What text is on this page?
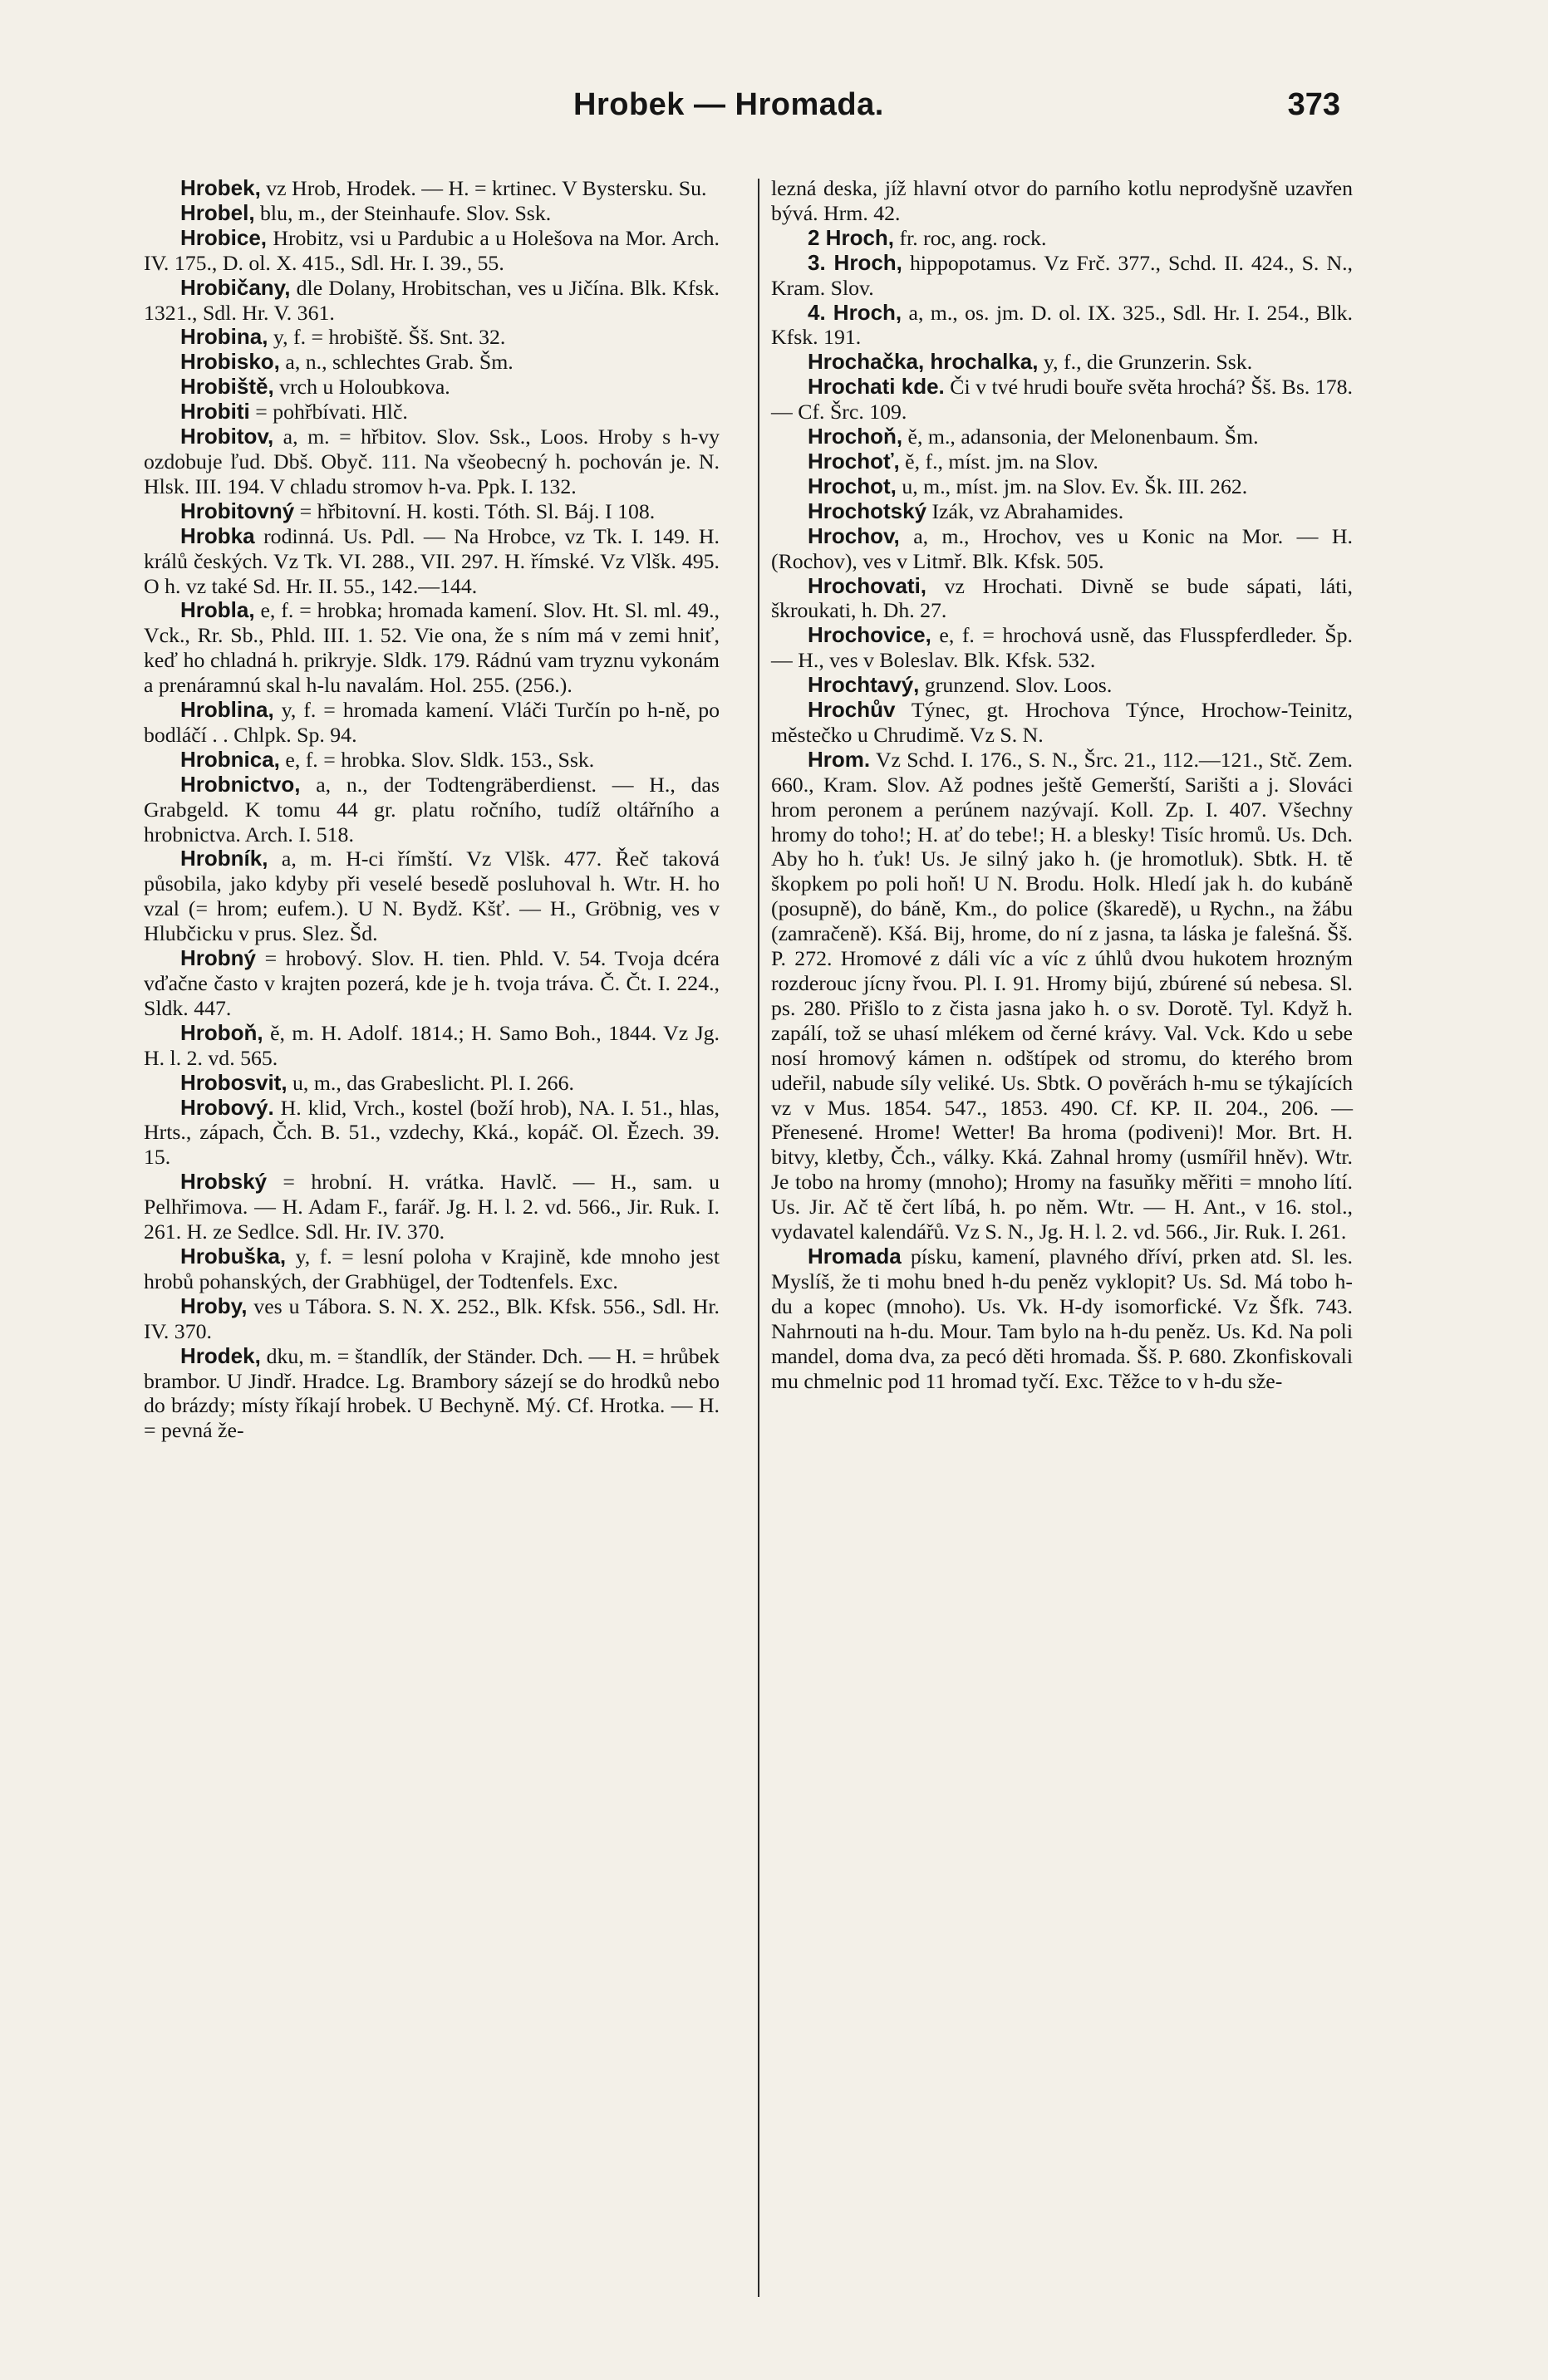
Hrobek — Hromada.	373

Hrobek, vz Hrob, Hrodek. — H. = krtinec. V Bystersku. Su.

Hrobel, blu, m., der Steinhaufe. Slov. Ssk.

Hrobice, Hrobitz, vsi u Pardubic a u Holešova na Mor. Arch. IV. 175., D. ol. X. 415., Sdl. Hr. I. 39., 55.

Hrobičany, dle Dolany, Hrobitschan, ves u Jičína. Blk. Kfsk. 1321., Sdl. Hr. V. 361.

Hrobina, y, f. = hrobiště. Šš. Snt. 32.

Hrobisko, a, n., schlechtes Grab. Šm.

Hrobiště, vrch u Holoubkova.

Hrobiti = pohřbívati. Hlč.

Hrobitov, a, m. = hřbitov. Slov. Ssk., Loos. Hroby s h-vy ozdobuje ľud. Dbš. Obyč. 111. Na všeobecný h. pochován je. N. Hlsk. III. 194. V chladu stromov h-va. Ppk. I. 132.

Hrobitovný = hřbitovní. H. kosti. Tóth. Sl. Báj. I 108.

Hrobka rodinná. Us. Pdl. — Na Hrobce, vz Tk. I. 149. H. králů českých. Vz Tk. VI. 288., VII. 297. H. římské. Vz Vlšk. 495. O h. vz také Sd. Hr. II. 55., 142.—144.

Hrobla, e, f. = hrobka; hromada kamení. Slov. Ht. Sl. ml. 49., Vck., Rr. Sb., Phld. III. 1. 52. Vie ona, že s ním má v zemi hniť, keď ho chladná h. prikryje. Sldk. 179. Rádnú vam tryznu vykonám a prenáramnú skal h-lu navalám. Hol. 255. (256.).

Hroblina, y, f. = hromada kamení. Vláči Turčín po h-ně, po bodláčí . . Chlpk. Sp. 94.

Hrobnica, e, f. = hrobka. Slov. Sldk. 153., Ssk.

Hrobnictvo, a, n., der Todtengräberdienst. — H., das Grabgeld. K tomu 44 gr. platu ročního, tudíž oltářního a hrobnictva. Arch. I. 518.

Hrobník, a, m. H-ci římští. Vz Vlšk. 477. Řeč taková působila, jako kdyby při veselé besedě posluhoval h. Wtr. H. ho vzal (= hrom; eufem.). U N. Bydž. Kšť. — H., Gröbnig, ves v Hlubčicku v prus. Slez. Šd.

Hrobný = hrobový. Slov. H. tien. Phld. V. 54. Tvoja dcéra vďačne často v krajten pozerá, kde je h. tvoja tráva. Č. Čt. I. 224., Sldk. 447.

Hroboň, ě, m. H. Adolf. 1814.; H. Samo Boh., 1844. Vz Jg. H. l. 2. vd. 565.

Hrobosvit, u, m., das Grabeslicht. Pl. I. 266.

Hrobový. H. klid, Vrch., kostel (boží hrob), NA. I. 51., hlas, Hrts., zápach, Čch. B. 51., vzdechy, Kká., kopáč. Ol. Ězech. 39. 15.

Hrobský = hrobní. H. vrátka. Havlč. — H., sam. u Pelhřimova. — H. Adam F., farář. Jg. H. l. 2. vd. 566., Jir. Ruk. I. 261. H. ze Sedlce. Sdl. Hr. IV. 370.

Hrobuška, y, f. = lesní poloha v Krajině, kde mnoho jest hrobů pohanských, der Grabhügel, der Todtenfels. Exc.

Hroby, ves u Tábora. S. N. X. 252., Blk. Kfsk. 556., Sdl. Hr. IV. 370.

Hrodek, dku, m. = štandlík, der Ständer. Dch. — H. = hrůbek brambor. U Jindř. Hradce. Lg. Brambory sázejí se do hrodků nebo do brázdy; místy říkají hrobek. U Bechyně. Mý. Cf. Hrotka. — H. = pevná že-

lezná deska, jíž hlavní otvor do parního kotlu neprodyšně uzavřen bývá. Hrm. 42.

2 Hroch, fr. roc, ang. rock.

3. Hroch, hippopotamus. Vz Frč. 377., Schd. II. 424., S. N., Kram. Slov.

4. Hroch, a, m., os. jm. D. ol. IX. 325., Sdl. Hr. I. 254., Blk. Kfsk. 191.

Hrochačka, hrochalka, y, f., die Grunzerin. Ssk.

Hrochati kde. Či v tvé hrudi bouře světa hrochá? Šš. Bs. 178. — Cf. Šrc. 109.

Hrochoň, ě, m., adansonia, der Melonenbaum. Šm.

Hrochoť, ě, f., míst. jm. na Slov.

Hrochot, u, m., míst. jm. na Slov. Ev. Šk. III. 262.

Hrochotský Izák, vz Abrahamides.

Hrochov, a, m., Hrochov, ves u Konic na Mor. — H. (Rochov), ves v Litmř. Blk. Kfsk. 505.

Hrochovati, vz Hrochati. Divně se bude sápati, láti, škroukati, h. Dh. 27.

Hrochovice, e, f. = hrochová usně, das Flusspferdleder. Šp. — H., ves v Boleslav. Blk. Kfsk. 532.

Hrochtavý, grunzend. Slov. Loos.

Hrochův Týnec, gt. Hrochova Týnce, Hrochow-Teinitz, městečko u Chrudimě. Vz S. N.

Hrom. Vz Schd. I. 176., S. N., Šrc. 21., 112.—121., Stč. Zem. 660., Kram. Slov. Až podnes ještě Gemerští, Sarišti a j. Slováci hrom peronem a perúnem nazývají. Koll. Zp. I. 407. Všechny hromy do toho!; H. ať do tebe!; H. a blesky! Tisíc hromů. Us. Dch. Aby ho h. ťuk! Us. Je silný jako h. (je hromotluk). Sbtk. H. tě škopkem po poli hoň! U N. Brodu. Holk. Hledí jak h. do kubáně (posupně), do báně, Km., do police (škaredě), u Rychn., na žábu (zamračeně). Kšá. Bij, hrome, do ní z jasna, ta láska je falešná. Šš. P. 272. Hromové z dáli víc a víc z úhlů dvou hukotem hrozným rozderouc jícny řvou. Pl. I. 91. Hromy bijú, zbúrené sú nebesa. Sl. ps. 280. Přišlo to z čista jasna jako h. o sv. Dorotě. Tyl. Když h. zapálí, tož se uhasí mlékem od černé krávy. Val. Vck. Kdo u sebe nosí hromový kámen n. odštípek od stromu, do kterého brom udeřil, nabude síly veliké. Us. Sbtk. O pověrách h-mu se týkajících vz v Mus. 1854. 547., 1853. 490. Cf. KP. II. 204., 206. — Přenesené. Hrome! Wetter! Ba hroma (podiveni)! Mor. Brt. H. bitvy, kletby, Čch., války. Kká. Zahnal hromy (usmířil hněv). Wtr. Je tobo na hromy (mnoho); Hromy na fasuňky měřiti = mnoho lítí. Us. Jir. Ač tě čert líbá, h. po něm. Wtr. — H. Ant., v 16. stol., vydavatel kalendářů. Vz S. N., Jg. H. l. 2. vd. 566., Jir. Ruk. I. 261.

Hromada písku, kamení, plavného dříví, prken atd. Sl. les. Myslíš, že ti mohu bned h-du peněz vyklopit? Us. Sd. Má tobo h-du a kopec (mnoho). Us. Vk. H-dy isomorfické. Vz Šfk. 743. Nahrnouti na h-du. Mour. Tam bylo na h-du peněz. Us. Kd. Na poli mandel, doma dva, za pecó děti hromada. Šš. P. 680. Zkonfiskovali mu chmelnic pod 11 hromad tyčí. Exc. Těžce to v h-du sže-
